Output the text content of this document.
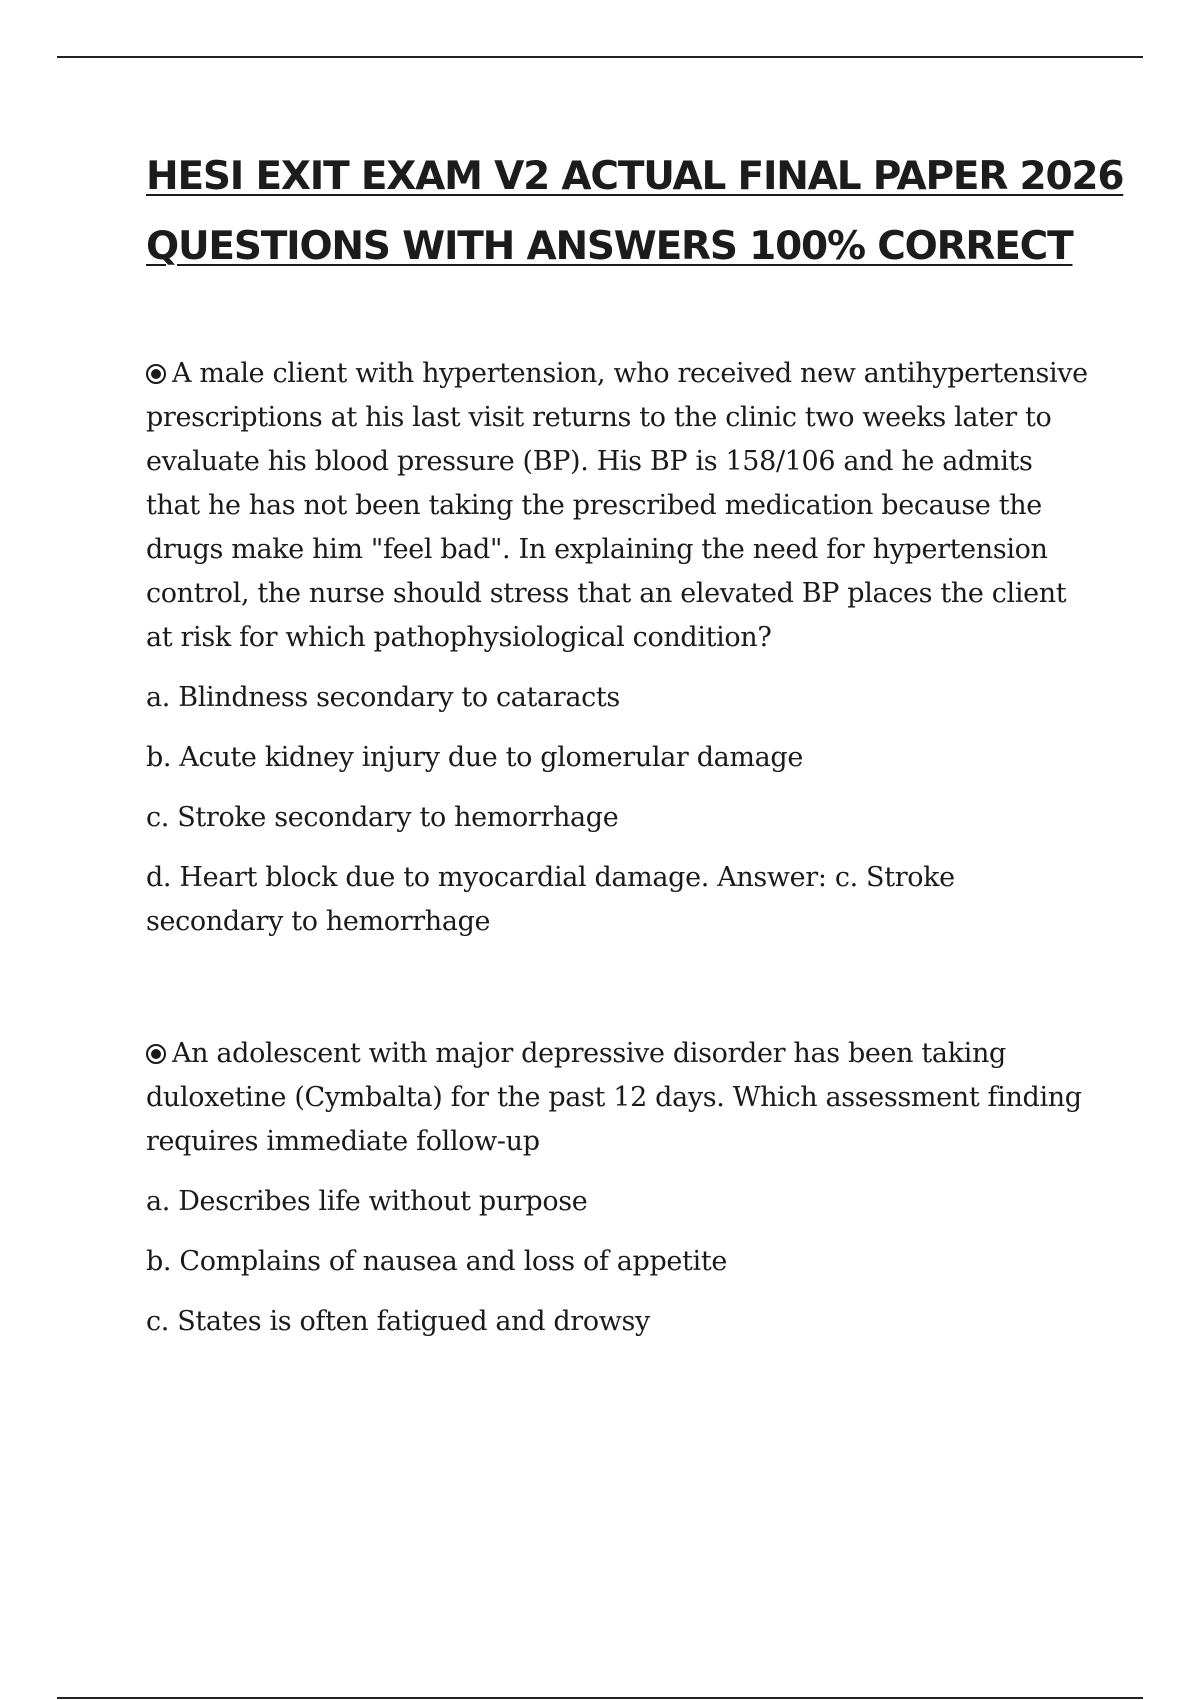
HESI EXIT EXAM V2 ACTUAL FINAL PAPER 2026
QUESTIONS WITH ANSWERS 100% CORRECT

A male client with hypertension, who received new antihypertensive prescriptions at his last visit returns to the clinic two weeks later to evaluate his blood pressure (BP). His BP is 158/106 and he admits that he has not been taking the prescribed medication because the drugs make him "feel bad". In explaining the need for hypertension control, the nurse should stress that an elevated BP places the client at risk for which pathophysiological condition?

a. Blindness secondary to cataracts

b. Acute kidney injury due to glomerular damage

c. Stroke secondary to hemorrhage

d. Heart block due to myocardial damage. Answer: c. Stroke secondary to hemorrhage

An adolescent with major depressive disorder has been taking duloxetine (Cymbalta) for the past 12 days. Which assessment finding requires immediate follow-up

a. Describes life without purpose

b. Complains of nausea and loss of appetite

c. States is often fatigued and drowsy
